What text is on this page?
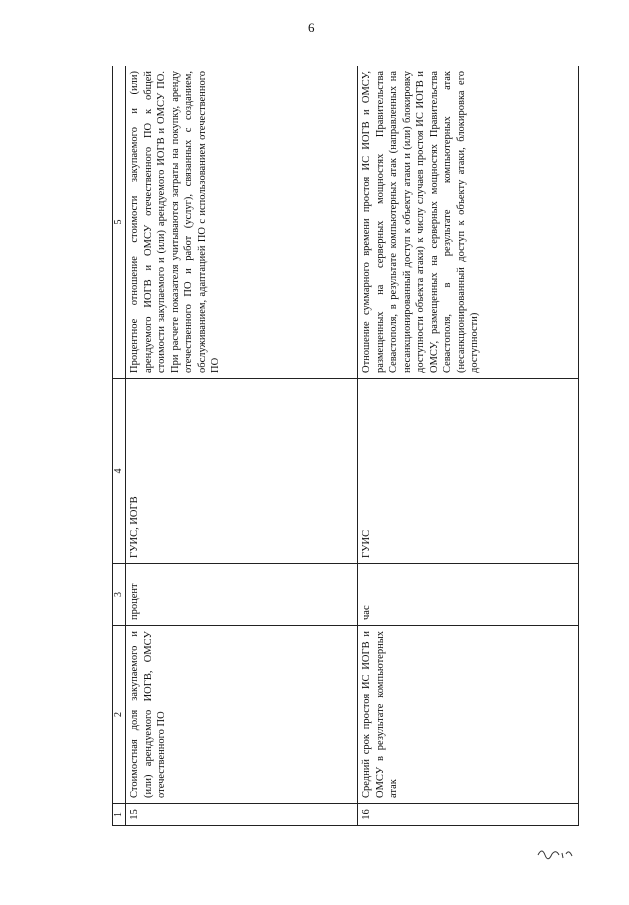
6
1	2	3	4	5
15	Стоимостная доля закупаемого и (или) арендуемого ИОГВ, ОМСУ отечественного ПО	процент	ГУИС, ИОГВ	Процентное отношение стоимости закупаемого и (или) арендуемого ИОГВ и ОМСУ отечественного ПО к общей стоимости закупаемого и (или) арендуемого ИОГВ и ОМСУ ПО. При расчете показателя учитываются затраты на покупку, аренду отечественного ПО и работ (услуг), связанных с созданием, обслуживанием, адаптацией ПО с использованием отечественного ПО
16	Средний срок простоя ИС ИОГВ и ОМСУ в результате компьютерных атак	час	ГУИС	Отношение суммарного времени простоя ИС ИОГВ и ОМСУ, размещенных на серверных мощностях Правительства Севастополя, в результате компьютерных атак (направленных на несанкционированный доступ к объекту атаки и (или) блокировку доступности объекта атаки) к числу случаев простоя ИС ИОГВ и ОМСУ, размещенных на серверных мощностях Правительства Севастополя, в результате компьютерных атак (несанкционированный доступ к объекту атаки, блокировка его доступности)
